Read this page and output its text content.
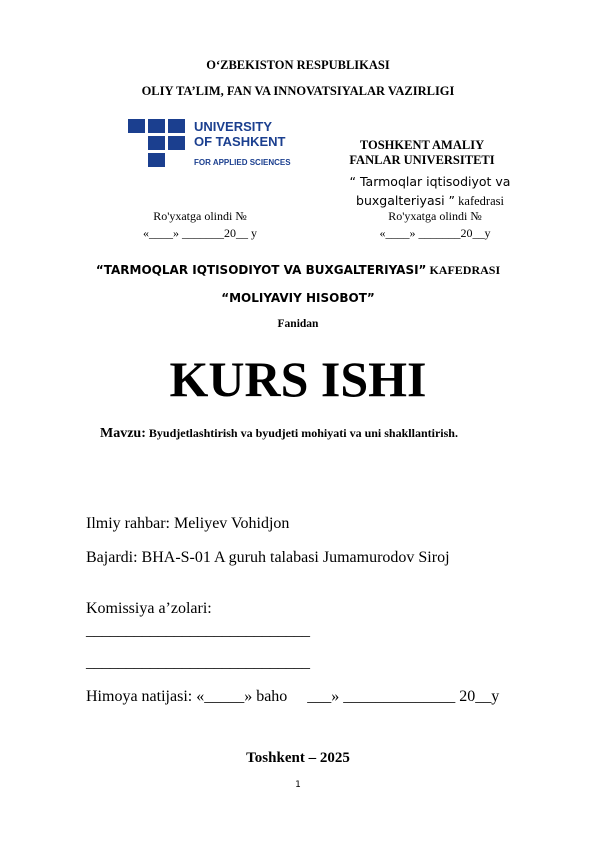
O‘ZBEKISTON RESPUBLIKASI
OLIY TA’LIM, FAN VA INNOVATSIYALAR VAZIRLIGI
UNIVERSITY
OF TASHKENT
FOR APPLIED SCIENCES
TOSHKENT AMALIY
FANLAR UNIVERSITETI
“ Tarmoqlar iqtisodiyot va
buxgalteriyasi ” kafedrasi
Ro'yxatga olindi №
«____» _______20__ y
Ro'yxatga olindi №
«____» _______20__y
“TARMOQLAR IQTISODIYOT VA BUXGALTERIYASI” KAFEDRASI
“MOLIYAVIY HISOBOT”
Fanidan
KURS ISHI
Mavzu: Byudjetlashtirish va byudjeti mohiyati va uni shakllantirish.
Ilmiy rahbar: Meliyev Vohidjon
Bajardi: BHA-S-01 A guruh talabasi Jumamurodov Siroj
Komissiya a’zolari:
____________________________
____________________________
Himoya natijasi: «_____» baho     ___» ______________ 20__y
Toshkent – 2025
1
